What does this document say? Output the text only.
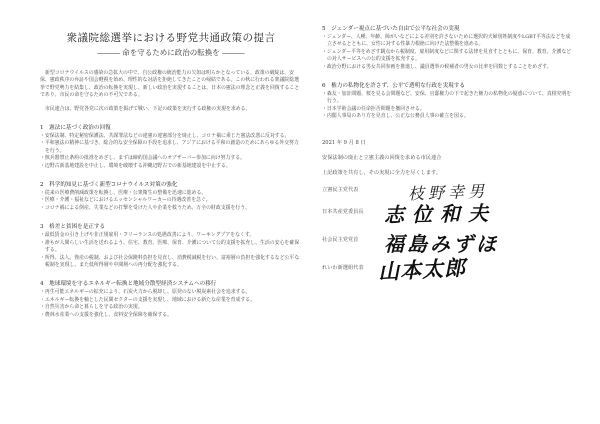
衆議院総選挙における野党共通政策の提言
――― 命を守るために政治の転換を ―――

新型コロナウイルスの感染の急拡大の中で、自公政権の統治能力の欠如は明らかとなっている。政策の破綻は、安保、憲政秩序の弁証や国会軽視を始め、理性的な対話を拒絶してきたことの帰結である。この秋に行われる衆議院総選挙で野党勢力を結集し、政治の転換を実現し、新しい政治を実現することは、日本の憲法の理念と正義を回復することであり、市民の命を守るための不可欠である。

市民連合は、野党各党に次の政策を掲げて戦い、下記の政策を実行する政権の実現を求める。

1　憲法に基づく政治の回復

・安保法制、特定秘密保護法、共謀罪法などの違憲の違憲部分を廃止し、コロナ禍に乗じた憲法改悪に反対する。

・平和憲法の精神に基づき、総合的な安全保障の手段を追求し、アジアにおける平和の創造のためにあらゆる外交努力を行う。

・核兵器禁止条約の批准をめざし、まずは締約国会議へのオブザーバー参加に向け努力する。

・辺野古新基地建設を中止し、環境を破壊する沖縄辺野古での新基地建設を中止する。

2　科学的知見に基づく新型コロナウイルス対策の強化

・従来の医療費削減政策を転換し、医療・公衆衛生の整備を迅速に進める。

・医療・介護・福祉などにおけるエッセンシャルワーカーの待遇改善を急ぐ。

・コロナ禍による倒産、失業などの打撃を受けた人や企業を救うため、万全の財政支援を行う。

3　格差と貧困を是正する

・最低賃金の引き上げや非正規雇用・フリーランスの処遇改善により、ワーキングプアをなくす。

・誰もが人間らしい生活を送れるよう、住宅、教育、医療、保育、介護について公的支援を拡充し、生活の安心を確保する。

・所得、法人、資産の税制、および社会保険料負担を見直し、消費税減税を行い、富裕層の負担を強化するなど公平な税制を実現し、また低所得層や中間層への再分配を強化する。

4　地球環境を守るエネルギー転換と地域分散型経済システムへの移行

・再生可能エネルギーの拡充により、石炭火力から脱却し、原発のない脱炭素社会を追求する。

・エネルギー転換を軸とした民間セクターの支援を実現し、地域における新たな産業を育成する。

・自然災害から命と暮らしを守る政治の実現。

・農林水産業への支援を強化し、食料安全保障を確保する。

5　ジェンダー視点に基づいた自由で公平な社会の実現

・ジェンダー、人種、年齢、障がいなどによる差別を許さないために選択的夫婦別姓制度やLGBT平等法などを成立させるとともに、女性に対する性暴力根絶に向けた法整備を進める。

・ジェンダー平等をめざす観点から税制度、雇用制度などに関する法律を見直すとともに、保育、教育、介護などの対人サービスへの公的支援を拡充する。

・政治分野における男女共同参画を推進し、議員選挙の候補者の男女の比率を同数とすることをめざす。

6　権力の私物化を許さず、公平で透明な行政を実現する

・森友・加計問題、桜を見る会問題など、安保、官邸権力の下で起きた権力の私物化の疑惑について、真相究明を行う。

・日本学術会議の任命拒否問題を撤回させる。

・内閣人事局のあり方を見直し、公正な公務員人事の確立を図る。

2021 年 9 月 8 日
安保法制の廃止と立憲主義の回復を求める市民連合
上記政策を共有し、その実現に全力を尽くします。
立憲民主党代表	枝野幸男
日本共産党委員長 志位和夫
社会民主党党首 福島みずほ
れいわ新選組代表 山本太郎
